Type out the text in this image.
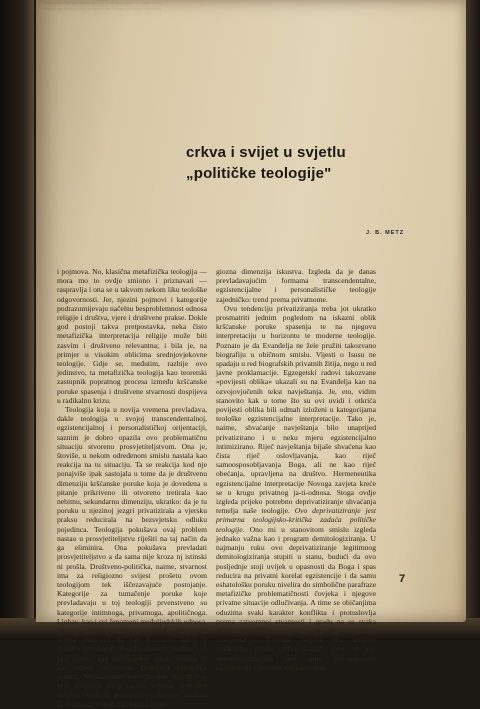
samo neke dijelove teksta ne vidi jasno kroz stranicu ostaje samo blijeda sjena slova tekst sa prethodne stranice proziran kroz papir
crkva i svijet u svjetlu
„političke teologije"
J. B. METZ

i pojmova. No, klasična metafizička teologija — mora mo to ovdje smiono i priznavati — raspravlja i ona se u takvom nekom liku teološke odgovornosti. Jer, njezini pojmovi i kategorije podrazumijevaju načelnu besproblemnost odnosa religije i društva, vjere i društvene prakse. Dokle god postoji takva pretpostavka, neka čisto metafizička interpretacija religije može biti zasvim i društveno relevantna; i bila je, na primjer u visokim oblicima srednjovjekovne teologije. Gdje se, međutim, razbije ovo jedinstvo, ta metafizička teologija kao teoretski zastupnik popratnog procesa između kršćanske poruke spasenja i društvene stvarnosti dospijeva u radikalnu krizu.

Teologija koja u novija vremena prevladava, dakle teologija u svojoj transcendentalnoj, egzistencijalnoj i personalističkoj orijentaciji, saznim je dobro opazila ovo problematičnu situaciju stvorenu prosvjetiteljstvom. Ona je, štoviše, u nekom određenom smislu nastala kao reakcija na tu situaciju. Ta se reakcija kod nje ponajviše ipak sastojala u tome da je društvenu dimenziju kršćanske poruke koja je dovedena u pitanje prikriveno ili otvoreno tretirala kao nebitnu, sekundarnu dimenziju, ukratko: da je tu poruku u njezinoj jezgri privatizirala a vjersku praksu reducirala na bezsvjetsku odluku pojedinca. Teologija pokušava ovaj problem nastao u prosvjetiteljstvu riješiti na taj način da ga eliminira. Ona pokušava prevladati prosvjetiteljstvo a da sama nije kroza nj istinski ni prošla. Društveno-politička, naime, stvarnost ima za religiozno svijest prošetu ovom teologijom tek iščezavajuće postojanje. Kategorije za tumačenje poruke koje prevladavaju u toj teologiji prvenstveno su kategorije intimnoga, privatnoga, apolitičnoga. Ljubav, kao i svi fenomeni međuljudskih odnosa, iznose se doduše ponekad za vidjelo, ali se ipak prema unaprijed ili kao normalno samo u njihovu privatnom, depolitiziranom obliku: kao ja-ti odnos, kao međuosobni odnos susreta ili kao odnos susjedstva. Dominira kategorija susreta. Međuosobno oslovljavanje vrijedi kao prvi religiozni način iskaza; vrhunac slobodne subjektivnosti ili nerasploživo, njezino središte ja-ti-odnosa vrijedi kao istinska reli-

giozna dimenzija iskustva. Izgleda da je danas prevladavajućim formama transcendentalne, egzistencijalne i personalističke teologije zajedničko: trend prema privatnome.

Ovu tendenciju privatiziranja treba jot ukratko prosmatriti jednim pogledom na iskazni oblik kršćanske poruke spasenja te na njegovu interpretaciju u horizontu te moderne teologije. Poznato je da Evanđelja ne žele pružiti takozvano biografiju u običnom smislu. Vijesti o Isusu ne spadaju u red biografskih privatnih žitija, nego u red javne proklamacije. Egzegetski radovi takozvane »povijesti oblika« ukazali su na Evanđelja kao na ozvojovjočenih tekst navještanja. Je, eto, vidim stanovito kak u tome što su ovi uvidi i otkrića povijesti oblika bili odmah izloženi u kategorijama teološke egzistencijalne interpretacije. Tako je, naime, shvaćanje navještanja bilo unaprijed privatizirano i u neku mjeru egzistencijalno intimizirano. Riječ navještanja bijaše shvaćena kao čista riječ oslovljavanja, kao riječ samoosposobljavanja Boga, ali ne kao riječ obećanja, upravljena na društvo. Hermeneutika egzistencijalne interpretacije Novoga zavjeta kreće se u krugu privatnog ja-ti-odnosa. Stoga ovdje izgleda prijeko potrebno deprivatiziranje shvaćanja temelja naše teologije. Ovo deprivatiziranje jest primarna teologijsko-kritička zadaća političke teologije. Ono mi u stanovitom smislu izgleda jednako važna kao i program demitologiziranja. U najmanju ruku ovo deprivatiziranje legitimnog demitologiziranja stupiti u stanu, budući da ovo posljednje stoji uvijek u opasnosti da Boga i spas reducira na privatni korelat egzistencije i da samu eshatološku poruku nivelira do simbolične parafraze metafizičke problematičnosti čovjeka i njegove privatne situacije odlučivanja. A time se običanjima oduzima svaki karakter konflikta i protuslovlja prema zatvorenoj stvarnosti i gradu na se svaka društvenokritička snaga. Egzistencijalna interpretacija Novoga zavjeta ima izrazitu tendenciju prema privatiziranju. Ona se kao demitologizranjem radi mita bez-svjetovne egzistencije i privatne subjektivnosti.

7
